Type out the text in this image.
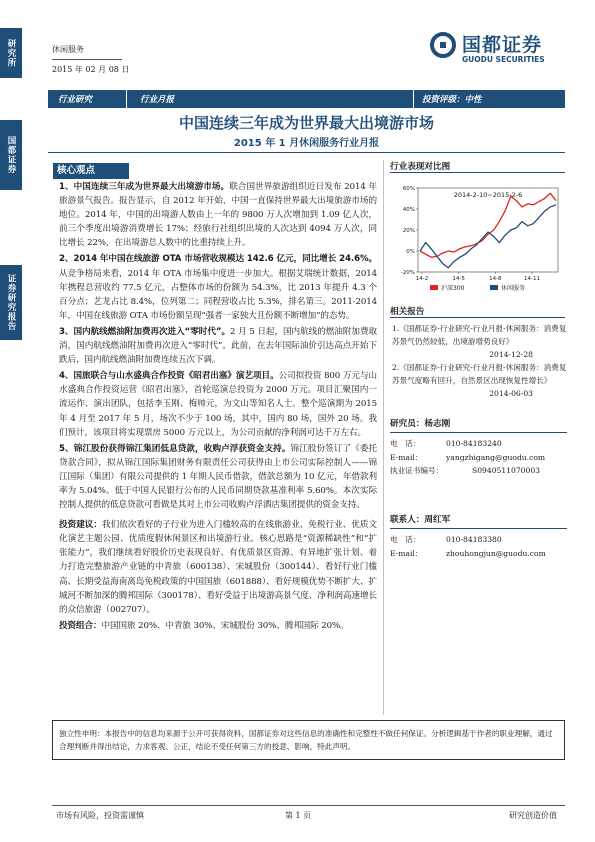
研究所
国都证券
证券研究报告
休闲服务
2015 年 02 月 08 日
国都证券
GUODU SECURITIES
行业研究	行业月报	投资评级：中性
中国连续三年成为世界最大出境游市场
2015 年 1 月休闲服务行业月报
核心观点

1、中国连续三年成为世界最大出境游市场。联合国世界旅游组织近日发布 2014 年旅游景气报告。报告显示，自 2012 年开始，中国一直保持世界最大出境旅游市场的地位。2014 年，中国的出境游人数由上一年的 9800 万人次增加到 1.09 亿人次，前三个季度出境游消费增长 17%；经旅行社组织出境的人次达到 4094 万人次，同比增长 22%，在出境游总人数中的比重持续上升。

2、2014 年中国在线旅游 OTA 市场营收规模达 142.6 亿元，同比增长 24.6%。从竞争格局来看，2014 年 OTA 市场集中度进一步加大。根据艾瑞统计数据，2014 年携程总营收约 77.5 亿元，占整体市场的份额为 54.3%，比 2013 年提升 4.3 个百分点；艺龙占比 8.4%，位列第二；同程营收占比 5.3%，排名第三。2011-2014 年，中国在线旅游 OTA 市场份额呈现“强者一家独大且份额不断增加”的态势。

3、国内航线燃油附加费再次进入“零时代”。2 月 5 日起，国内航线的燃油附加费取消，国内航线燃油附加费再次进入“零时代”。此前，在去年国际油价引达高点开始下跌后，国内航线燃油附加费连续五次下调。

4、国旅联合与山水盛典合作投资《昭君出塞》演艺项目。公司拟投资 800 万元与山水盛典合作投资运营《昭君出塞》，首轮巡演总投资为 2000 万元。项目汇聚国内一流运作、演出团队，包括李玉刚、梅帅元，为文山等知名人士。整个巡演期为 2015 年 4 月至 2017 年 5 月，场次不少于 100 场，其中，国内 80 场，国外 20 场。我们预计，该项目将实现票房 5000 万元以上，为公司贡献的净利润可达千万左右。

5、锦江股份获得锦江集团低息贷款，收购卢浮获资金支持。锦江股份签订了《委托贷款合同》，拟从锦江国际集团财务有限责任公司获得由上市公司实际控制人——锦江国际（集团）有限公司提供的 1 年期人民币借款，借款总额为 10 亿元，年借款利率为 5.04%。低于中国人民银行公布的人民币同期贷款基准利率 5.60%。本次实际控制人提供的低息贷款可看做是其对上市公司收购卢浮酒店集团提供的资金支持。

投资建议：我们依次看好的子行业为进入门槛较高的在线旅游业、免税行业、优质文化演艺主题公园、优质度假休闲景区和出境游行业。核心思路是“资源稀缺性”和“扩张能力”，我们继续看好股价历史表现良好、有优质景区资源、有异地扩张计划、着力打造完整旅游产业链的中青旅（600138）、宋城股份（300144）、看好行业门槛高、长期受益海南离岛免税政策的中国国旅（601888）、看好规模优势不断扩大、扩城河不断加深的腾邦国际（300178）、看好受益于出境游高景气度、净利润高速增长的众信旅游（002707）。

投资组合：中国国旅 20%、中青旅 30%、宋城股份 30%、腾邦国际 20%。

行业表现对比图
2014-2-10~2015-2-6
-20%
0%
20%
40%
60%
14-2	14-5	14-8	14-11
沪深300	休闲服务
相关报告

1.《国都证券-行业研究-行业月报-休闲服务：消费复苏景气仍然较低，出境游增势良好》

2014-12-28

2.《国都证券-行业研究-行业月报-休闲服务：消费复苏景气度略有回升，自然景区出现恢复性增长》

2014-06-03

研究员：杨志刚
电　话：	010-84183240
E-mail：	yangzhigang@guodu.com
执业证书编号：	S0940511070003
联系人：周红军
电　话：	010-84183380
E-mail：	zhouhongjun@guodu.com
独立性申明：本报告中的信息均来源于公开可获得资料，国都证券对这些信息的准确性和完整性不做任何保证。分析逻辑基于作者的职业理解，通过合理判断并得出结论，力求客观、公正，结论不受任何第三方的授意、影响，特此声明。
市场有风险，投资需谨慎	第 1 页	研究创造价值
